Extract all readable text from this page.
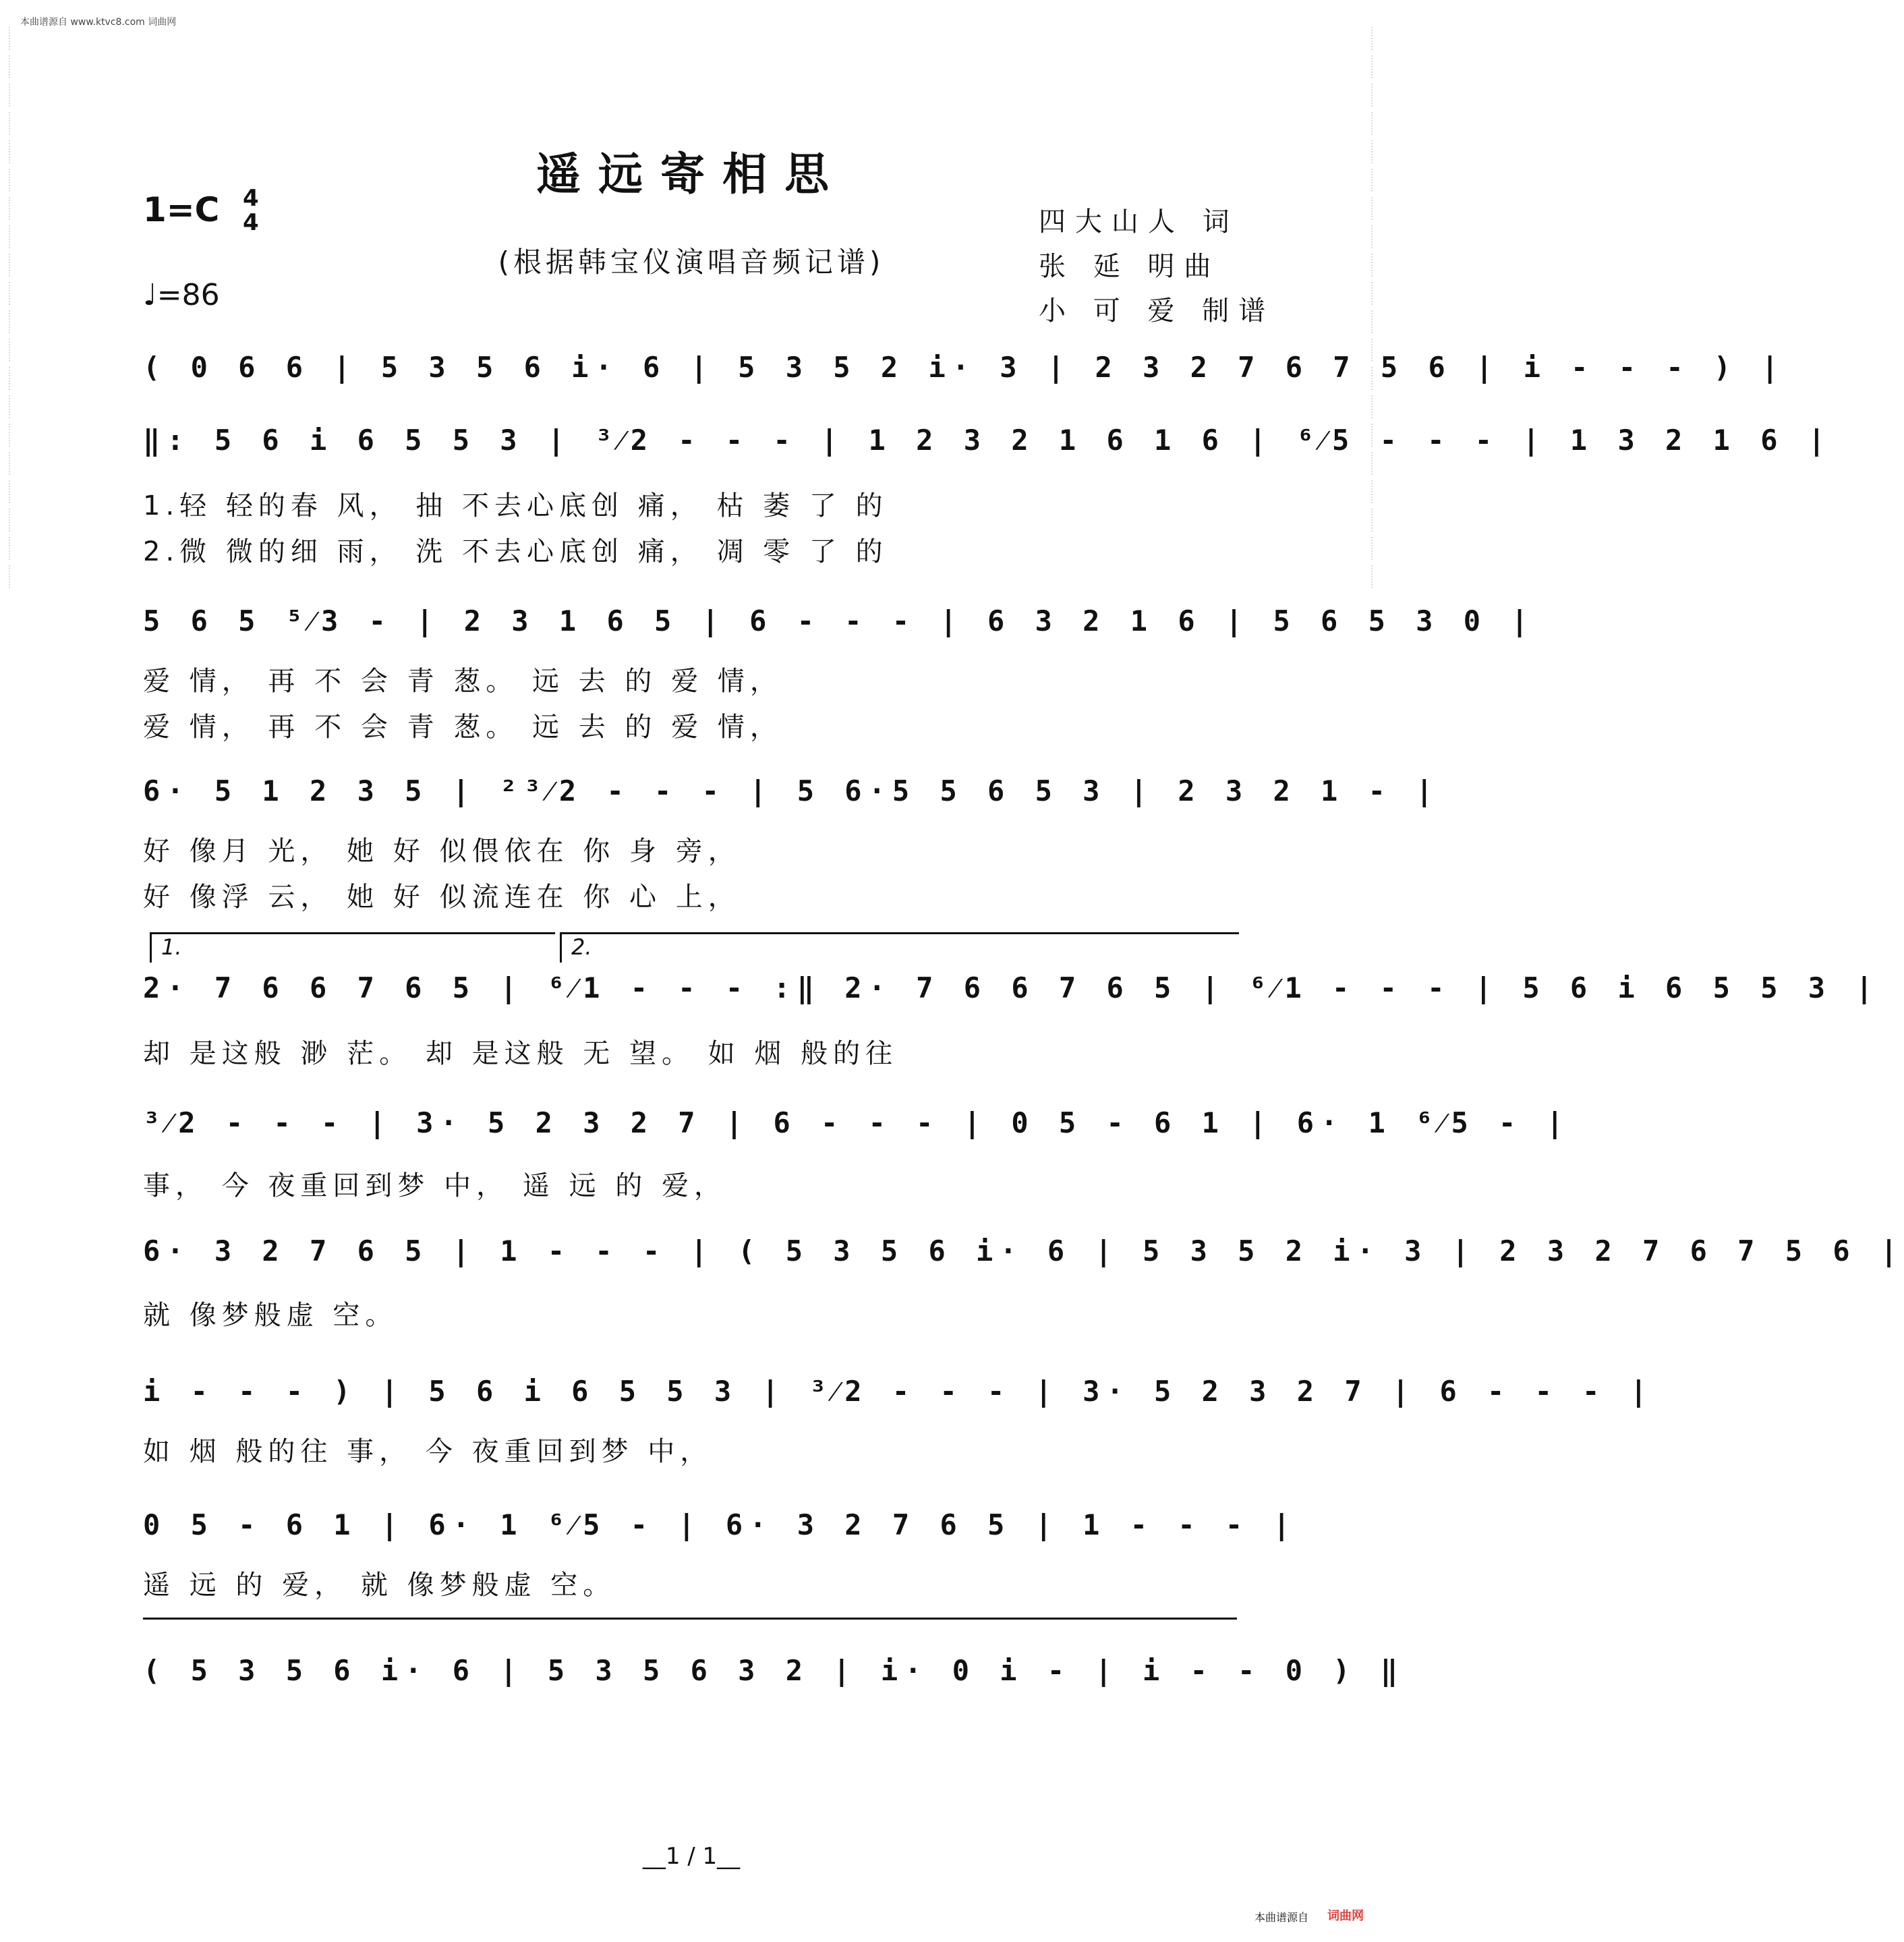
本曲谱源自 www.ktvc8.com 词曲网
遥远寄相思
1=C 4
4
(根据韩宝仪演唱音频记谱)
♩=86
四大山人 词
张 延 明曲
小 可 爱 制谱
( 0 6 6 | 5 3 5 6 i· 6 | 5 3 5 2 i· 3 | 2 3 2 7 6 7 5 6 | i - - - ) |
‖: 5 6 i 6 5 5 3 | ³⁄2 - - - | 1 2 3 2 1 6 1 6 | ⁶⁄5 - - - | 1 3 2 1 6 |
1.轻 轻的春 风， 抽 不去心底创 痛， 枯 萎 了 的
2.微 微的细 雨， 洗 不去心底创 痛， 凋 零 了 的
5 6 5 ⁵⁄3 - | 2 3 1 6 5 | 6 - - - | 6 3 2 1 6 | 5 6 5 3 0 |
爱 情， 再 不 会 青 葱。 远 去 的 爱 情，
爱 情， 再 不 会 青 葱。 远 去 的 爱 情，
6· 5 1 2 3 5 | ²³⁄2 - - - | 5 6·5 5 6 5 3 | 2 3 2 1 - |
好 像月 光， 她 好 似偎依在 你 身 旁，
好 像浮 云， 她 好 似流连在 你 心 上，
1.	2.
2· 7 6 6 7 6 5 | ⁶⁄1 - - - :‖ 2· 7 6 6 7 6 5 | ⁶⁄1 - - - | 5 6 i 6 5 5 3 |
却 是这般 渺 茫。 却 是这般 无 望。 如 烟 般的往
³⁄2 - - - | 3· 5 2 3 2 7 | 6 - - - | 0 5 - 6 1 | 6· 1 ⁶⁄5 - |
事， 今 夜重回到梦 中， 遥 远 的 爱，
6· 3 2 7 6 5 | 1 - - - | ( 5 3 5 6 i· 6 | 5 3 5 2 i· 3 | 2 3 2 7 6 7 5 6 |
就 像梦般虚 空。
i - - - ) | 5 6 i 6 5 5 3 | ³⁄2 - - - | 3· 5 2 3 2 7 | 6 - - - |
如 烟 般的往 事， 今 夜重回到梦 中，
0 5 - 6 1 | 6· 1 ⁶⁄5 - | 6· 3 2 7 6 5 | 1 - - - |
遥 远 的 爱， 就 像梦般虚 空。
( 5 3 5 6 i· 6 | 5 3 5 6 3 2 | i· 0 i - | i - - 0 ) ‖
__1 / 1__
本曲谱源自 词曲网
